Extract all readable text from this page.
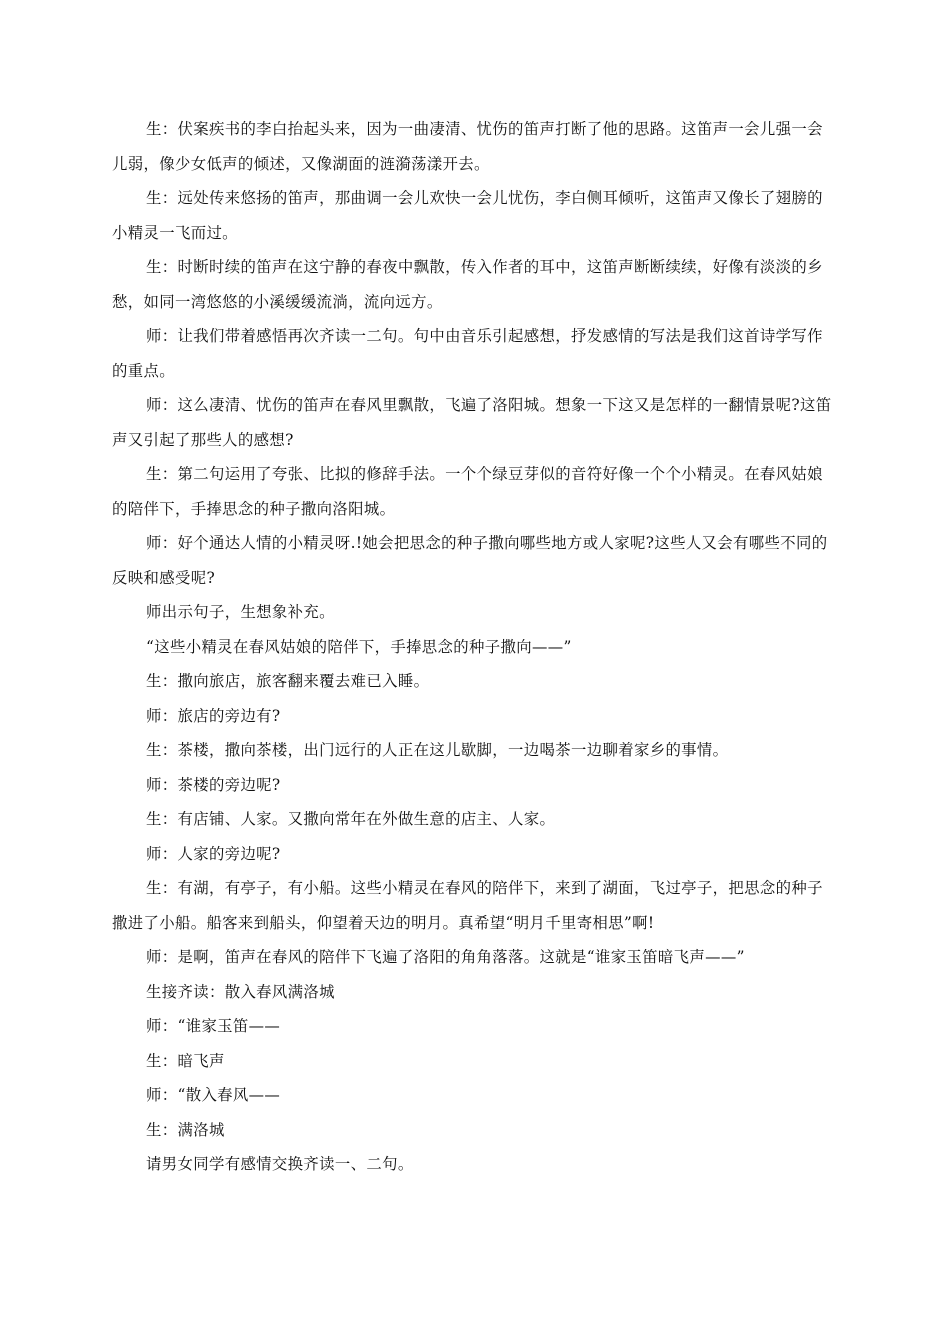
生：伏案疾书的李白抬起头来，因为一曲凄清、忧伤的笛声打断了他的思路。这笛声一会儿强一会儿弱，像少女低声的倾述，又像湖面的涟漪荡漾开去。

生：远处传来悠扬的笛声，那曲调一会儿欢快一会儿忧伤，李白侧耳倾听，这笛声又像长了翅膀的小精灵一飞而过。

生：时断时续的笛声在这宁静的春夜中飘散，传入作者的耳中，这笛声断断续续，好像有淡淡的乡愁，如同一湾悠悠的小溪缓缓流淌，流向远方。

师：让我们带着感悟再次齐读一二句。句中由音乐引起感想，抒发感情的写法是我们这首诗学写作的重点。

师：这么凄清、忧伤的笛声在春风里飘散，飞遍了洛阳城。想象一下这又是怎样的一翻情景呢?这笛声又引起了那些人的感想?

生：第二句运用了夸张、比拟的修辞手法。一个个绿豆芽似的音符好像一个个小精灵。在春风姑娘的陪伴下，手捧思念的种子撒向洛阳城。

师：好个通达人情的小精灵呀.!她会把思念的种子撒向哪些地方或人家呢?这些人又会有哪些不同的反映和感受呢?

师出示句子，生想象补充。

“这些小精灵在春风姑娘的陪伴下，手捧思念的种子撒向——”

生：撒向旅店，旅客翻来覆去难已入睡。

师：旅店的旁边有?

生：茶楼，撒向茶楼，出门远行的人正在这儿歇脚，一边喝茶一边聊着家乡的事情。

师：茶楼的旁边呢?

生：有店铺、人家。又撒向常年在外做生意的店主、人家。

师：人家的旁边呢?

生：有湖，有亭子，有小船。这些小精灵在春风的陪伴下，来到了湖面，飞过亭子，把思念的种子撒进了小船。船客来到船头，仰望着天边的明月。真希望“明月千里寄相思”啊!

师：是啊，笛声在春风的陪伴下飞遍了洛阳的角角落落。这就是“谁家玉笛暗飞声——”

生接齐读：散入春风满洛城

师：“谁家玉笛——

生：暗飞声

师：“散入春风——

生：满洛城

请男女同学有感情交换齐读一、二句。
